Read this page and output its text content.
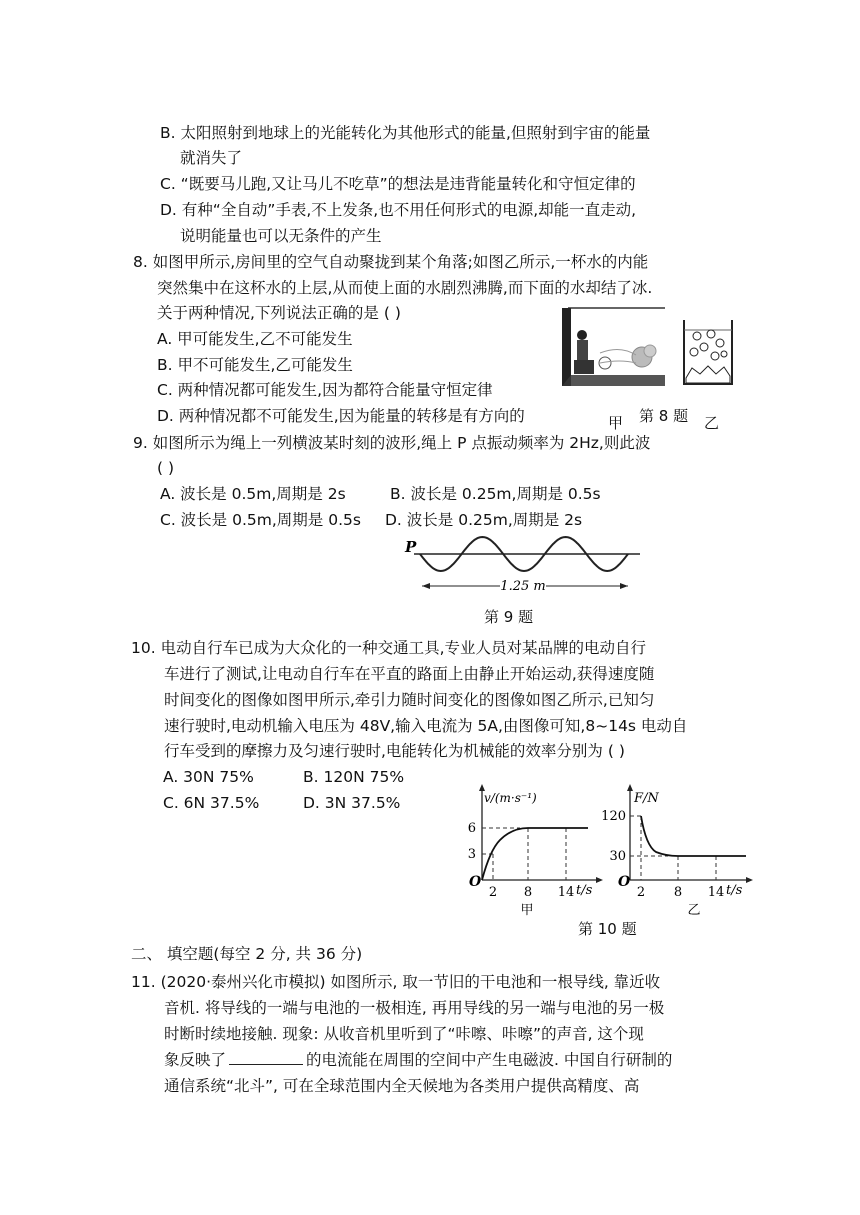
B. 太阳照射到地球上的光能转化为其他形式的能量,但照射到宇宙的能量
就消失了
C. “既要马儿跑,又让马儿不吃草”的想法是违背能量转化和守恒定律的
D. 有种“全自动”手表,不上发条,也不用任何形式的电源,却能一直走动,
说明能量也可以无条件的产生
8. 如图甲所示,房间里的空气自动聚拢到某个角落;如图乙所示,一杯水的内能
突然集中在这杯水的上层,从而使上面的水剧烈沸腾,而下面的水却结了冰.
关于两种情况,下列说法正确的是 ( )
A. 甲可能发生,乙不可能发生
B. 甲不可能发生,乙可能发生
C. 两种情况都可能发生,因为都符合能量守恒定律
D. 两种情况都不可能发生,因为能量的转移是有方向的	甲	乙
第 8 题
9. 如图所示为绳上一列横波某时刻的波形,绳上 P 点振动频率为 2Hz,则此波
( )
A. 波长是 0.5m,周期是 2s	B. 波长是 0.25m,周期是 0.5s
C. 波长是 0.5m,周期是 0.5s D. 波长是 0.25m,周期是 2s
1.25 m
P
第 9 题
10. 电动自行车已成为大众化的一种交通工具,专业人员对某品牌的电动自行
车进行了测试,让电动自行车在平直的路面上由静止开始运动,获得速度随
时间变化的图像如图甲所示,牵引力随时间变化的图像如图乙所示,已知匀
速行驶时,电动机输入电压为 48V,输入电流为 5A,由图像可知,8~14s 电动自
行车受到的摩擦力及匀速行驶时,电能转化为机械能的效率分别为 ( )
A. 30N 75%	B. 120N 75%
C. 6N 37.5%	D. 3N 37.5%	v/(m·s⁻¹)
6
3
O
2 8 14 t/s
甲
F/N
120
30
O
2 8 14 t/s
乙
第 10 题
二、 填空题(每空 2 分, 共 36 分)
11. (2020·泰州兴化市模拟) 如图所示, 取一节旧的干电池和一根导线, 靠近收
音机. 将导线的一端与电池的一极相连, 再用导线的另一端与电池的另一极
时断时续地接触. 现象: 从收音机里听到了“咔嚓、咔嚓”的声音, 这个现
象反映了	的电流能在周围的空间中产生电磁波. 中国自行研制的
通信系统“北斗”, 可在全球范围内全天候地为各类用户提供高精度、高
